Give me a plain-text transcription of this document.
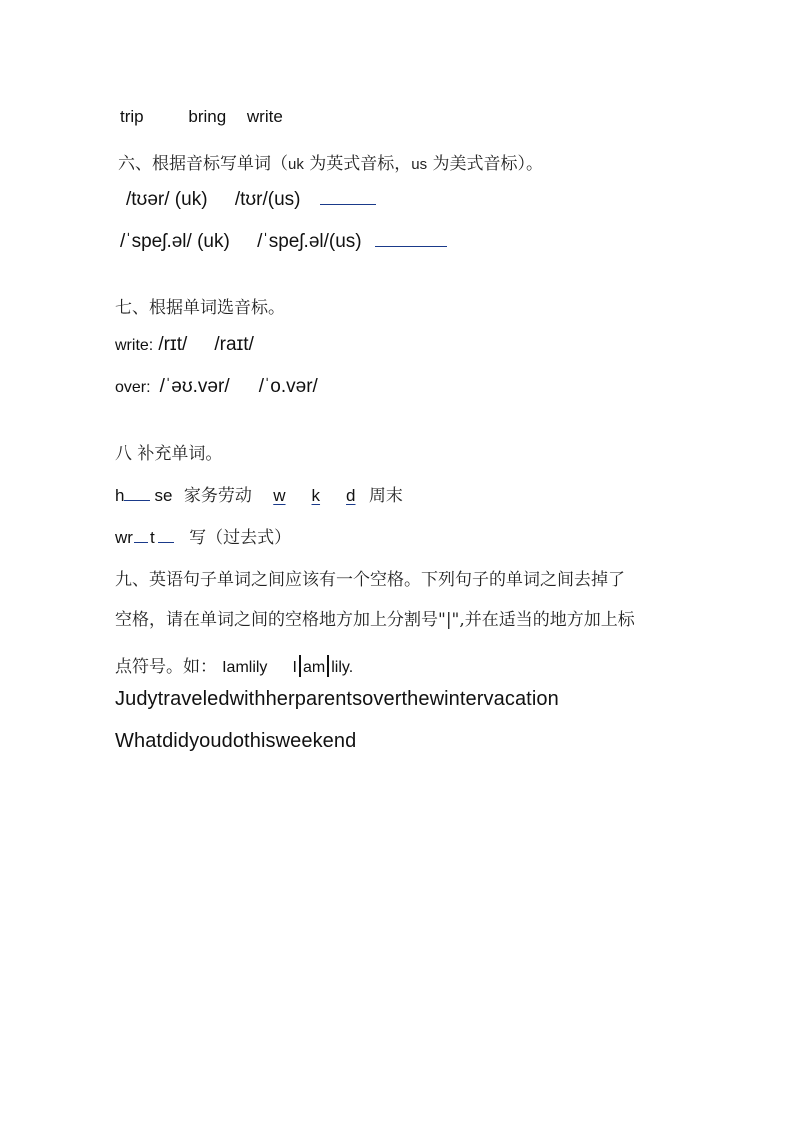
trip	bring write
六、根据音标写单词（uk 为英式音标，us 为美式音标）。
/tʊər/ (uk) /tʊr/(us)
/ˈspeʃ.əl/ (uk) /ˈspeʃ.əl/(us)
七、根据单词选音标。
write: /rɪt/ /raɪt/
over: /ˈəʊ.vər/ /ˈo.vər/
八 补充单词。
h se 家务劳动 w k d 周末
wr t 写（过去式）
九、英语句子单词之间应该有一个空格。下列句子的单词之间去掉了
空格，请在单词之间的空格地方加上分割号"|",并在适当的地方加上标
点符号。如： Iamlily I am lily.
Judytraveledwithherparentsoverthewintervacation
Whatdidyoudothisweekend
